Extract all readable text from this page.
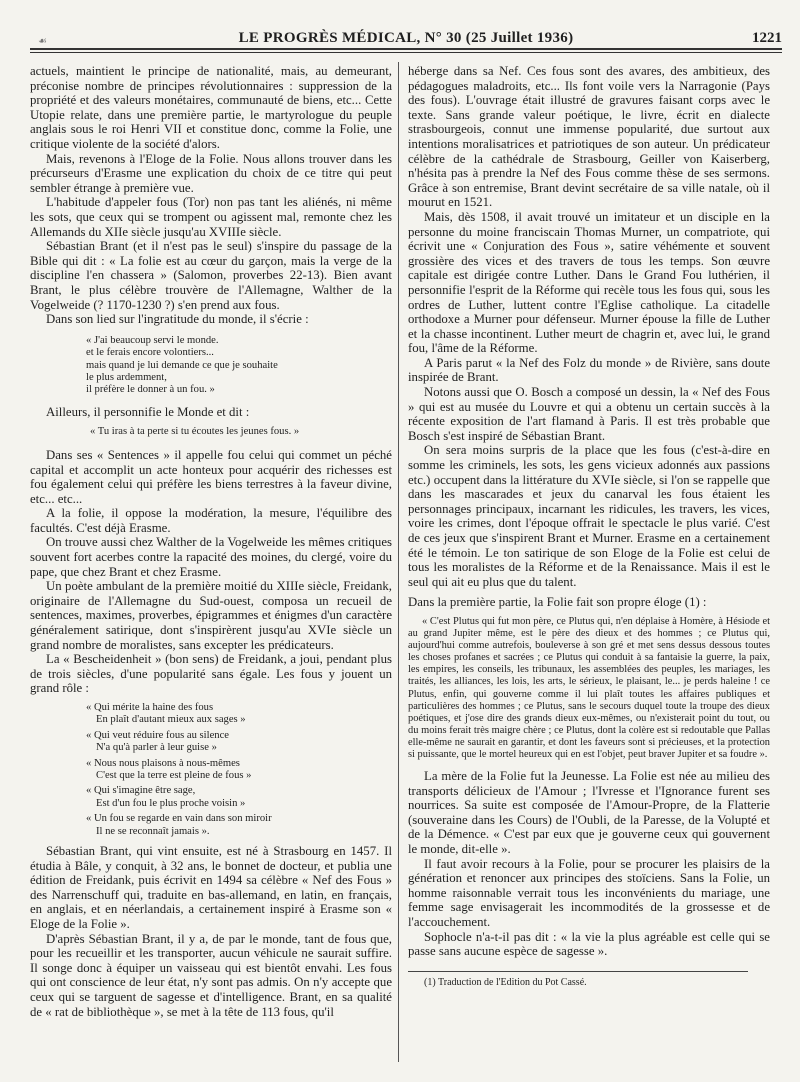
☙	LE PROGRÈS MÉDICAL, N° 30 (25 Juillet 1936)	1221

actuels, maintient le principe de nationalité, mais, au demeurant, préconise nombre de principes révolutionnaires : suppression de la propriété et des valeurs monétaires, communauté de biens, etc... Cette Utopie relate, dans une première partie, le martyrologue du peuple anglais sous le roi Henri VII et constitue donc, comme la Folie, une critique violente de la société d'alors.

Mais, revenons à l'Eloge de la Folie. Nous allons trouver dans les précurseurs d'Erasme une explication du choix de ce titre qui peut sembler étrange à première vue.

L'habitude d'appeler fous (Tor) non pas tant les aliénés, ni même les sots, que ceux qui se trompent ou agissent mal, remonte chez les Allemands du XIIe siècle jusqu'au XVIIIe siècle.

Sébastian Brant (et il n'est pas le seul) s'inspire du passage de la Bible qui dit : « La folie est au cœur du garçon, mais la verge de la discipline l'en chassera » (Salomon, proverbes 22-13). Bien avant Brant, le plus célèbre trouvère de l'Allemagne, Walther de la Vogelweide (? 1170-1230 ?) s'en prend aux fous.

Dans son lied sur l'ingratitude du monde, il s'écrie :

« J'ai beaucoup servi le monde.
et le ferais encore volontiers...
mais quand je lui demande ce que je souhaite
le plus ardemment,
il préfère le donner à un fou. »

Ailleurs, il personnifie le Monde et dit :

« Tu iras à ta perte si tu écoutes les jeunes fous. »

Dans ses « Sentences » il appelle fou celui qui commet un péché capital et accomplit un acte honteux pour acquérir des richesses est fou également celui qui préfère les biens terrestres à la faveur divine, etc... etc...

A la folie, il oppose la modération, la mesure, l'équilibre des facultés. C'est déjà Erasme.

On trouve aussi chez Walther de la Vogelweide les mêmes critiques souvent fort acerbes contre la rapacité des moines, du clergé, voire du pape, que chez Brant et chez Erasme.

Un poète ambulant de la première moitié du XIIIe siècle, Freidank, originaire de l'Allemagne du Sud-ouest, composa un recueil de sentences, maximes, proverbes, épigrammes et énigmes d'un caractère généralement satirique, dont s'inspirèrent jusqu'au XVIe siècle un grand nombre de moralistes, sans excepter les prédicateurs.

La « Bescheidenheit » (bon sens) de Freidank, a joui, pendant plus de trois siècles, d'une popularité sans égale. Les fous y jouent un grand rôle :

« Qui mérite la haine des fous
En plaît d'autant mieux aux sages »
« Qui veut réduire fous au silence
N'a qu'à parler à leur guise »
« Nous nous plaisons à nous-mêmes
C'est que la terre est pleine de fous »
« Qui s'imagine être sage,
Est d'un fou le plus proche voisin »
« Un fou se regarde en vain dans son miroir
Il ne se reconnaît jamais ».

Sébastian Brant, qui vint ensuite, est né à Strasbourg en 1457. Il étudia à Bâle, y conquit, à 32 ans, le bonnet de docteur, et publia une édition de Freidank, puis écrivit en 1494 sa célèbre « Nef des Fous » des Narrenschuff qui, traduite en bas-allemand, en latin, en français, en anglais, et en néerlandais, a certainement inspiré à Erasme son « Eloge de la Folie ».

D'après Sébastian Brant, il y a, de par le monde, tant de fous que, pour les recueillir et les transporter, aucun véhicule ne saurait suffire. Il songe donc à équiper un vaisseau qui est bientôt envahi. Les fous qui ont conscience de leur état, n'y sont pas admis. On n'y accepte que ceux qui se targuent de sagesse et d'intelligence. Brant, en sa qualité de « rat de bibliothèque », se met à la tête de 113 fous, qu'il

héberge dans sa Nef. Ces fous sont des avares, des ambitieux, des pédagogues maladroits, etc... Ils font voile vers la Narragonie (Pays des fous). L'ouvrage était illustré de gravures faisant corps avec le texte. Sans grande valeur poétique, le livre, écrit en dialecte strasbourgeois, connut une immense popularité, due surtout aux intentions moralisatrices et patriotiques de son auteur. Un prédicateur célèbre de la cathédrale de Strasbourg, Geiller von Kaiserberg, n'hésita pas à prendre la Nef des Fous comme thèse de ses sermons. Grâce à son entremise, Brant devint secrétaire de sa ville natale, où il mourut en 1521.

Mais, dès 1508, il avait trouvé un imitateur et un disciple en la personne du moine franciscain Thomas Murner, un compatriote, qui écrivit une « Conjuration des Fous », satire véhémente et souvent grossière des vices et des travers de tous les temps. Son œuvre capitale est dirigée contre Luther. Dans le Grand Fou luthérien, il personnifie l'esprit de la Réforme qui recèle tous les fous qui, sous les ordres de Luther, luttent contre l'Eglise catholique. La citadelle orthodoxe a Murner pour défenseur. Murner épouse la fille de Luther et la chasse incontinent. Luther meurt de chagrin et, avec lui, le grand fou, l'âme de la Réforme.

A Paris parut « la Nef des Folz du monde » de Rivière, sans doute inspirée de Brant.

Notons aussi que O. Bosch a composé un dessin, la « Nef des Fous » qui est au musée du Louvre et qui a obtenu un certain succès à la récente exposition de l'art flamand à Paris. Il est très probable que Bosch s'est inspiré de Sébastian Brant.

On sera moins surpris de la place que les fous (c'est-à-dire en somme les criminels, les sots, les gens vicieux adonnés aux passions etc.) occupent dans la littérature du XVIe siècle, si l'on se rappelle que dans les mascarades et jeux du canarval les fous étaient les personnages principaux, incarnant les ridicules, les travers, les vices, voire les crimes, dont l'époque offrait le spectacle le plus varié. C'est de ces jeux que s'inspirent Brant et Murner. Erasme en a certainement été le témoin. Le ton satirique de son Eloge de la Folie est celui de tous les moralistes de la Réforme et de la Renaissance. Mais il est le seul qui ait eu plus que du talent.

Dans la première partie, la Folie fait son propre éloge (1) :

« C'est Plutus qui fut mon père, ce Plutus qui, n'en déplaise à Homère, à Hésiode et au grand Jupiter même, est le père des dieux et des hommes ; ce Plutus qui, aujourd'hui comme autrefois, bouleverse à son gré et met sens dessus dessous toutes les choses profanes et sacrées ; ce Plutus qui conduit à sa fantaisie la guerre, la paix, les empires, les conseils, les tribunaux, les assemblées des peuples, les mariages, les traités, les alliances, les lois, les arts, le sérieux, le plaisant, le... je perds haleine ! ce Plutus, enfin, qui gouverne comme il lui plaît toutes les affaires publiques et particulières des hommes ; ce Plutus, sans le secours duquel toute la troupe des dieux poétiques, et j'ose dire des grands dieux eux-mêmes, ou n'existerait point du tout, ou du moins ferait très maigre chère ; ce Plutus, dont la colère est si redoutable que Pallas elle-même ne saurait en garantir, et dont les faveurs sont si précieuses, et la protection si puissante, que le mortel heureux qui en est l'objet, peut braver Jupiter et sa foudre ».

La mère de la Folie fut la Jeunesse. La Folie est née au milieu des transports délicieux de l'Amour ; l'Ivresse et l'Ignorance furent ses nourrices. Sa suite est composée de l'Amour-Propre, de la Flatterie (souveraine dans les Cours) de l'Oubli, de la Paresse, de la Volupté et de la Démence. « C'est par eux que je gouverne ceux qui gouvernent le monde, dit-elle ».

Il faut avoir recours à la Folie, pour se procurer les plaisirs de la génération et renoncer aux principes des stoïciens. Sans la Folie, un homme raisonnable verrait tous les inconvénients du mariage, une femme sage envisagerait les incommodités de la grossesse et de l'accouchement.

Sophocle n'a-t-il pas dit : « la vie la plus agréable est celle qui se passe sans aucune espèce de sagesse ».

(1) Traduction de l'Edition du Pot Cassé.
